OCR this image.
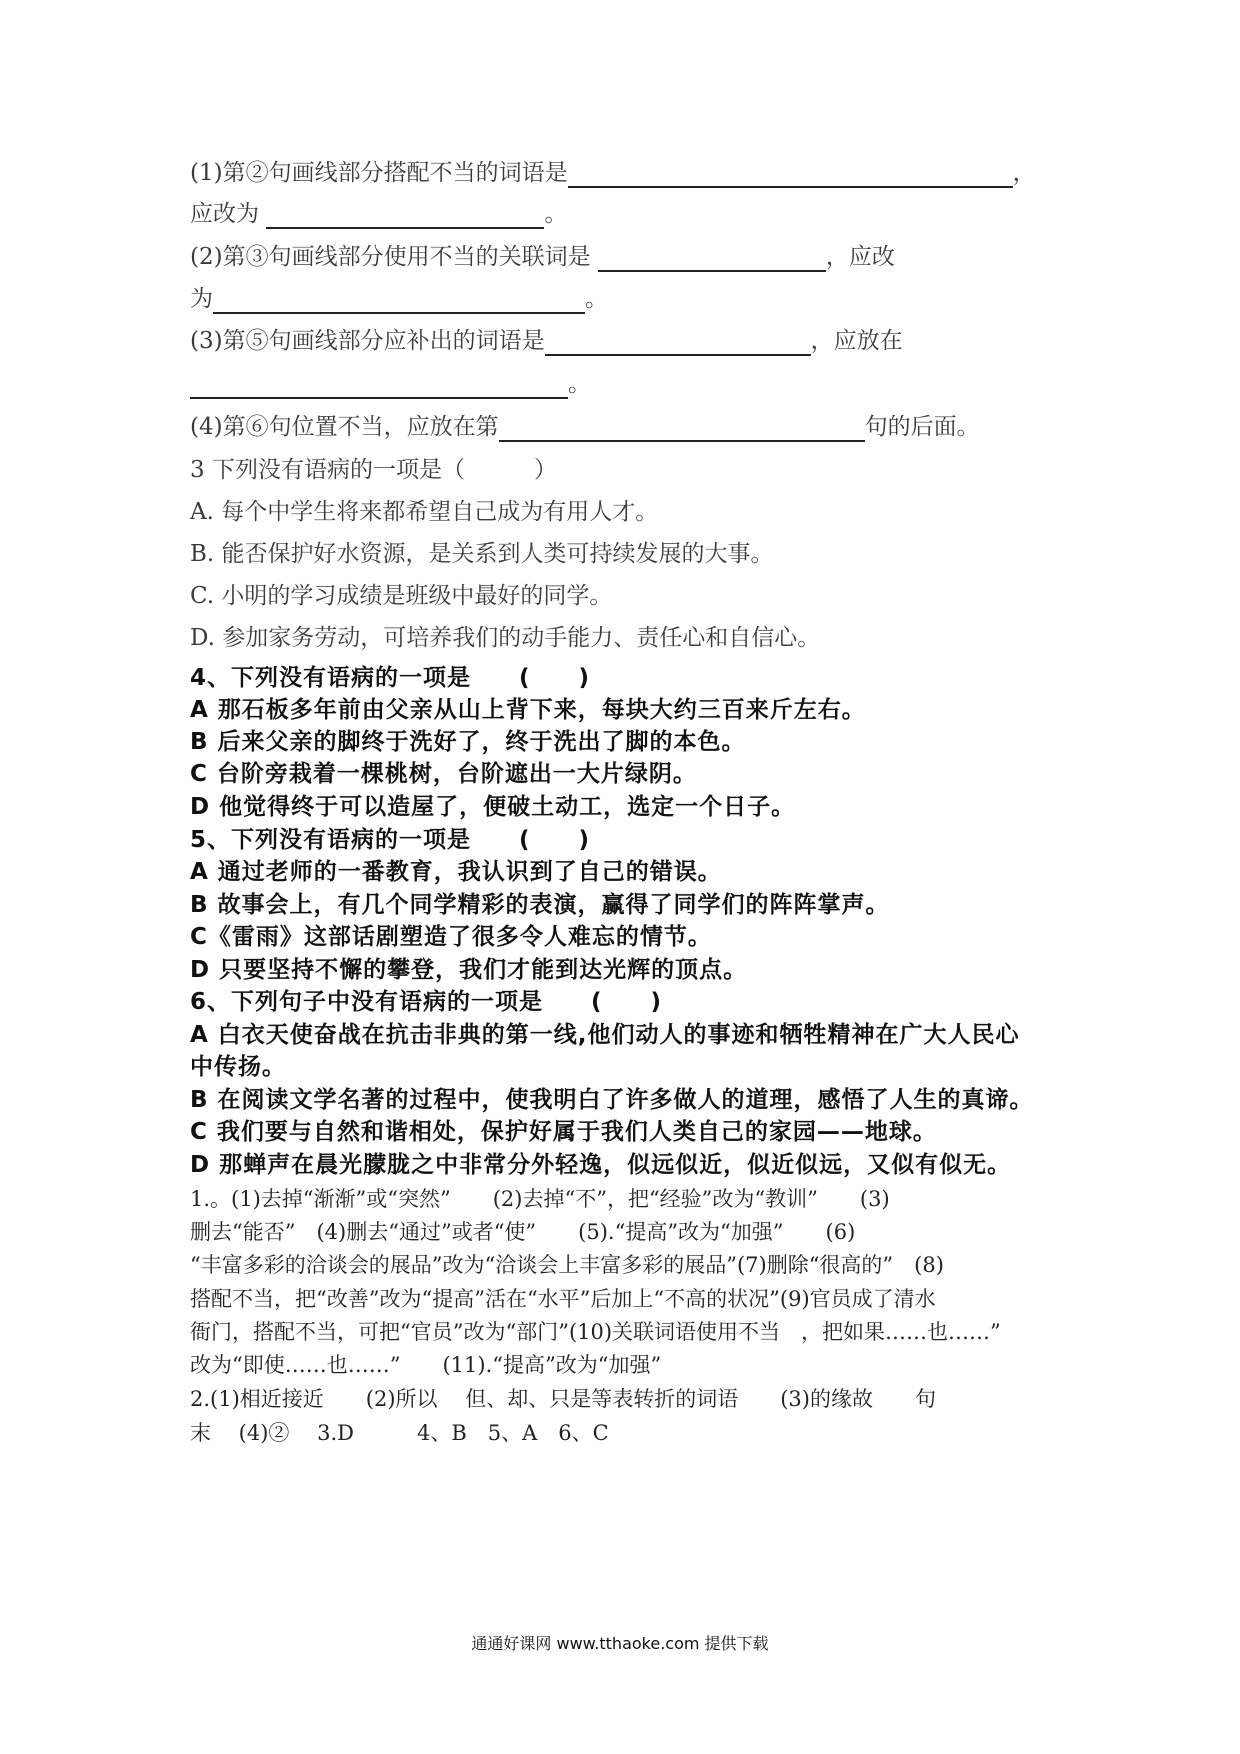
(1)第②句画线部分搭配不当的词语是	，
应改为	。
(2)第③句画线部分使用不当的关联词是	，应改
为	。
(3)第⑤句画线部分应补出的词语是	，应放在
。
(4)第⑥句位置不当，应放在第	句的后面。
3 下列没有语病的一项是（　　　）
A. 每个中学生将来都希望自己成为有用人才。
B. 能否保护好水资源，是关系到人类可持续发展的大事。
C. 小明的学习成绩是班级中最好的同学。
D. 参加家务劳动，可培养我们的动手能力、责任心和自信心。
4、下列没有语病的一项是　　(　　)
A 那石板多年前由父亲从山上背下来，每块大约三百来斤左右。
B 后来父亲的脚终于洗好了，终于洗出了脚的本色。
C 台阶旁栽着一棵桃树，台阶遮出一大片绿阴。
D 他觉得终于可以造屋了，便破土动工，选定一个日子。
5、下列没有语病的一项是　　(　　)
A 通过老师的一番教育，我认识到了自己的错误。
B 故事会上，有几个同学精彩的表演，赢得了同学们的阵阵掌声。
C《雷雨》这部话剧塑造了很多令人难忘的情节。
D 只要坚持不懈的攀登，我们才能到达光辉的顶点。
6、下列句子中没有语病的一项是　　(　　)
A 白衣天使奋战在抗击非典的第一线,他们动人的事迹和牺牲精神在广大人民心
中传扬。
B 在阅读文学名著的过程中，使我明白了许多做人的道理，感悟了人生的真谛。
C 我们要与自然和谐相处，保护好属于我们人类自己的家园——地球。
D 那蝉声在晨光朦胧之中非常分外轻逸，似远似近，似近似远，又似有似无。
1.。(1)去掉“渐渐”或“突然”　　(2)去掉“不”，把“经验”改为“教训”　　(3)
删去“能否”　(4)删去“通过”或者“使”　　(5).“提高”改为“加强”　　(6)
“丰富多彩的洽谈会的展品”改为“洽谈会上丰富多彩的展品”(7)删除“很高的”　(8)
搭配不当，把“改善”改为“提高”活在“水平”后加上“不高的状况”(9)官员成了清水
衙门，搭配不当，可把“官员”改为“部门”(10)关联词语使用不当　，把如果……也……”
改为“即使……也……”　　(11).“提高”改为“加强”
2.(1)相近接近　　(2)所以　 但、却、只是等表转折的词语　　(3)的缘故　　句
末　 (4)②　 3.D　　　4、B　5、A　6、C
通通好课网 www.tthaoke.com 提供下载
